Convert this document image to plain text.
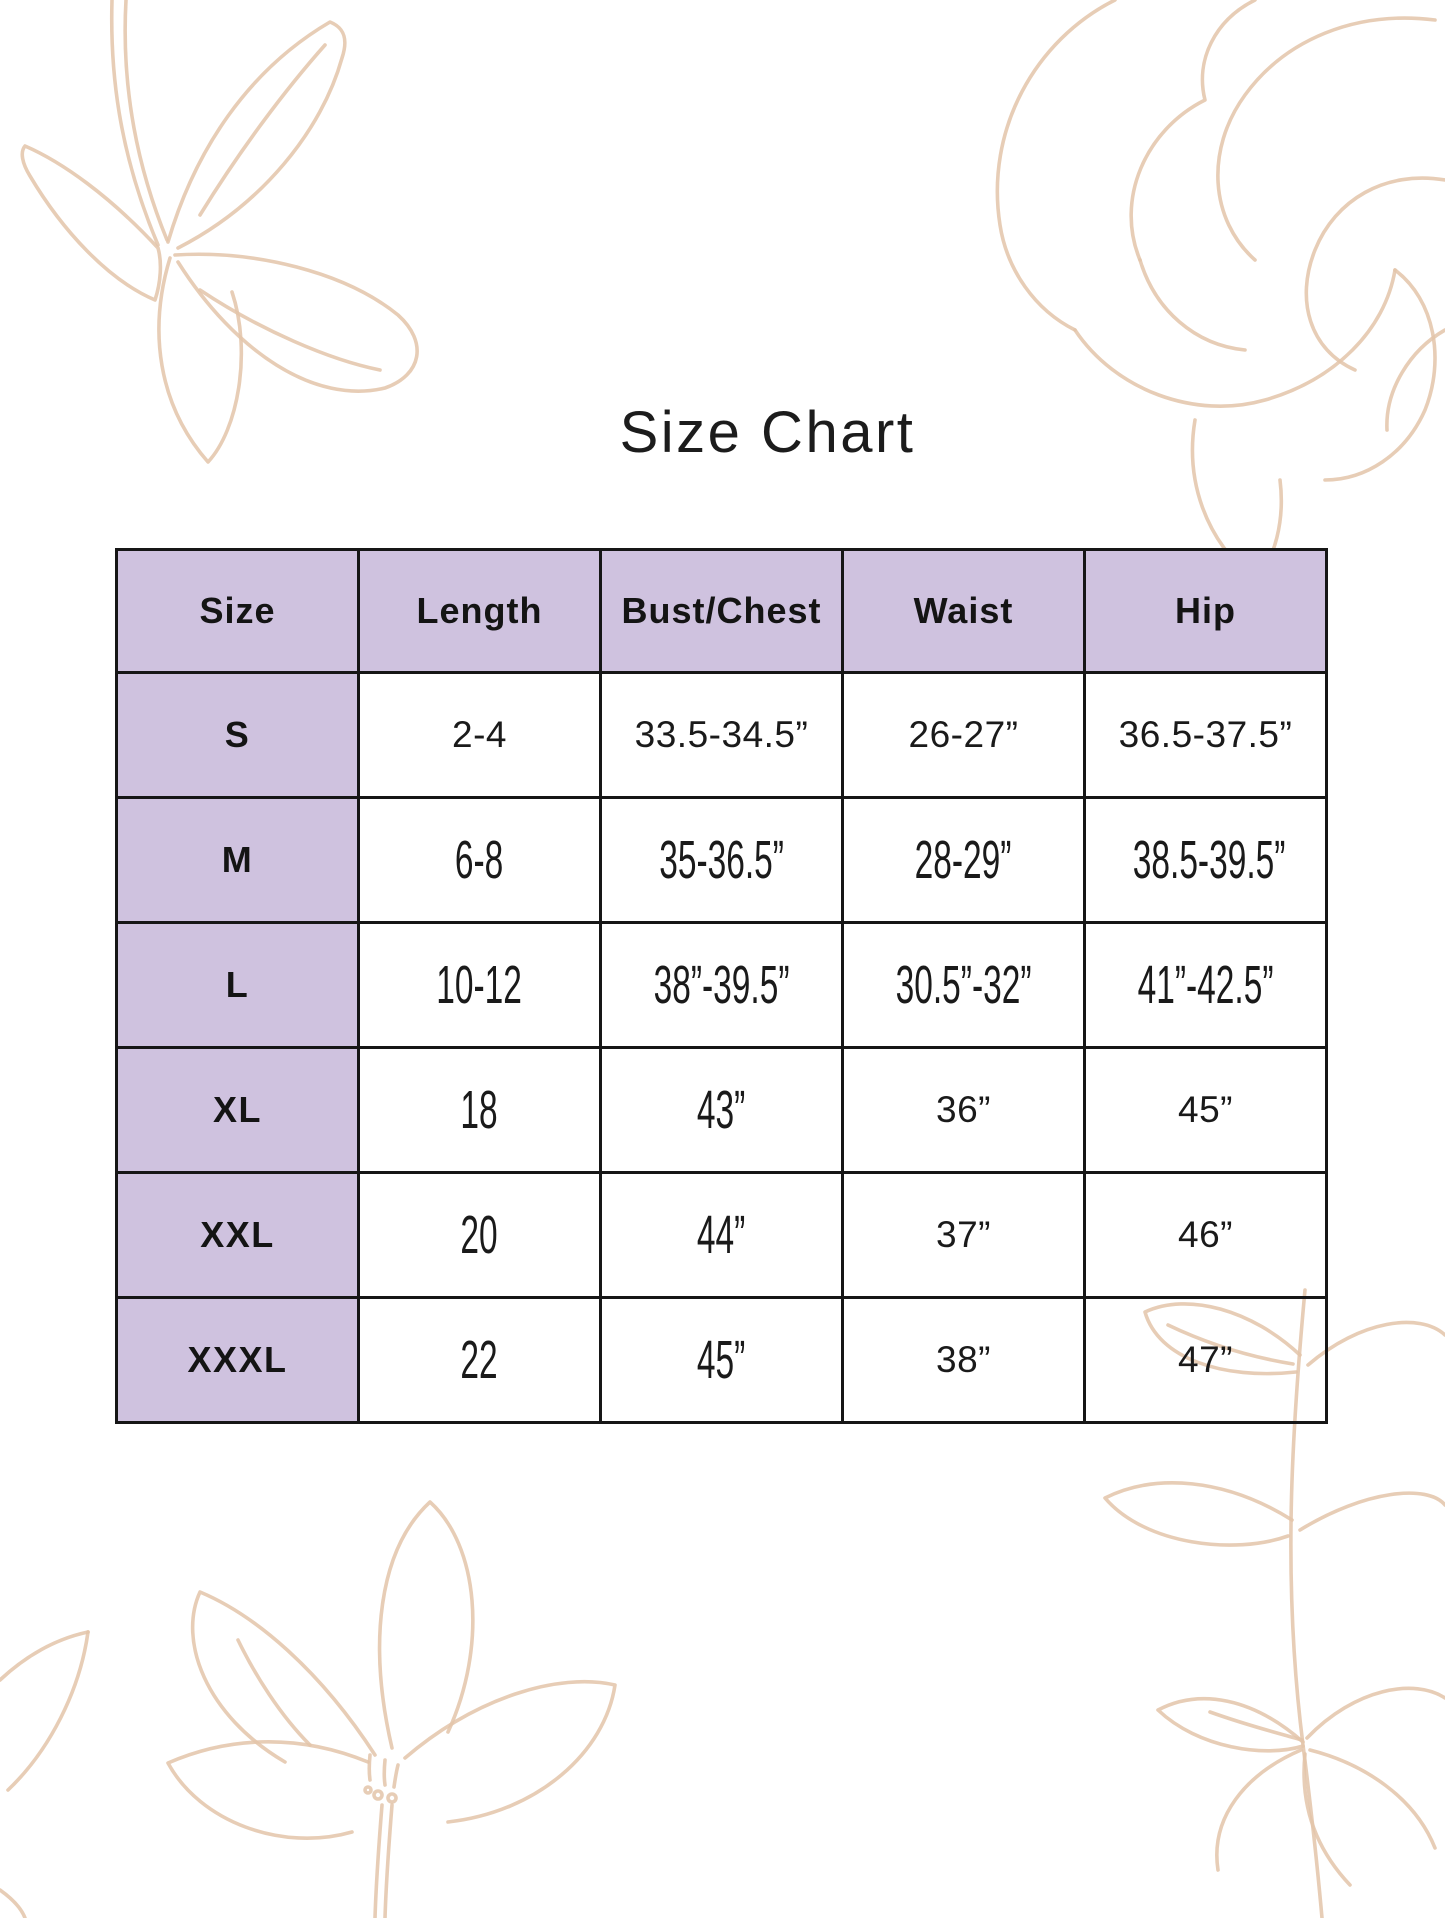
Size Chart
Size	Length	Bust/Chest	Waist	Hip
S	2-4	33.5-34.5”	26-27”	36.5-37.5”
M	6-8	35-36.5”	28-29”	38.5-39.5”
L	10-12	38”-39.5”	30.5”-32”	41”-42.5”
XL	18	43”	36”	45”
XXL	20	44”	37”	46”
XXXL	22	45”	38”	47”
